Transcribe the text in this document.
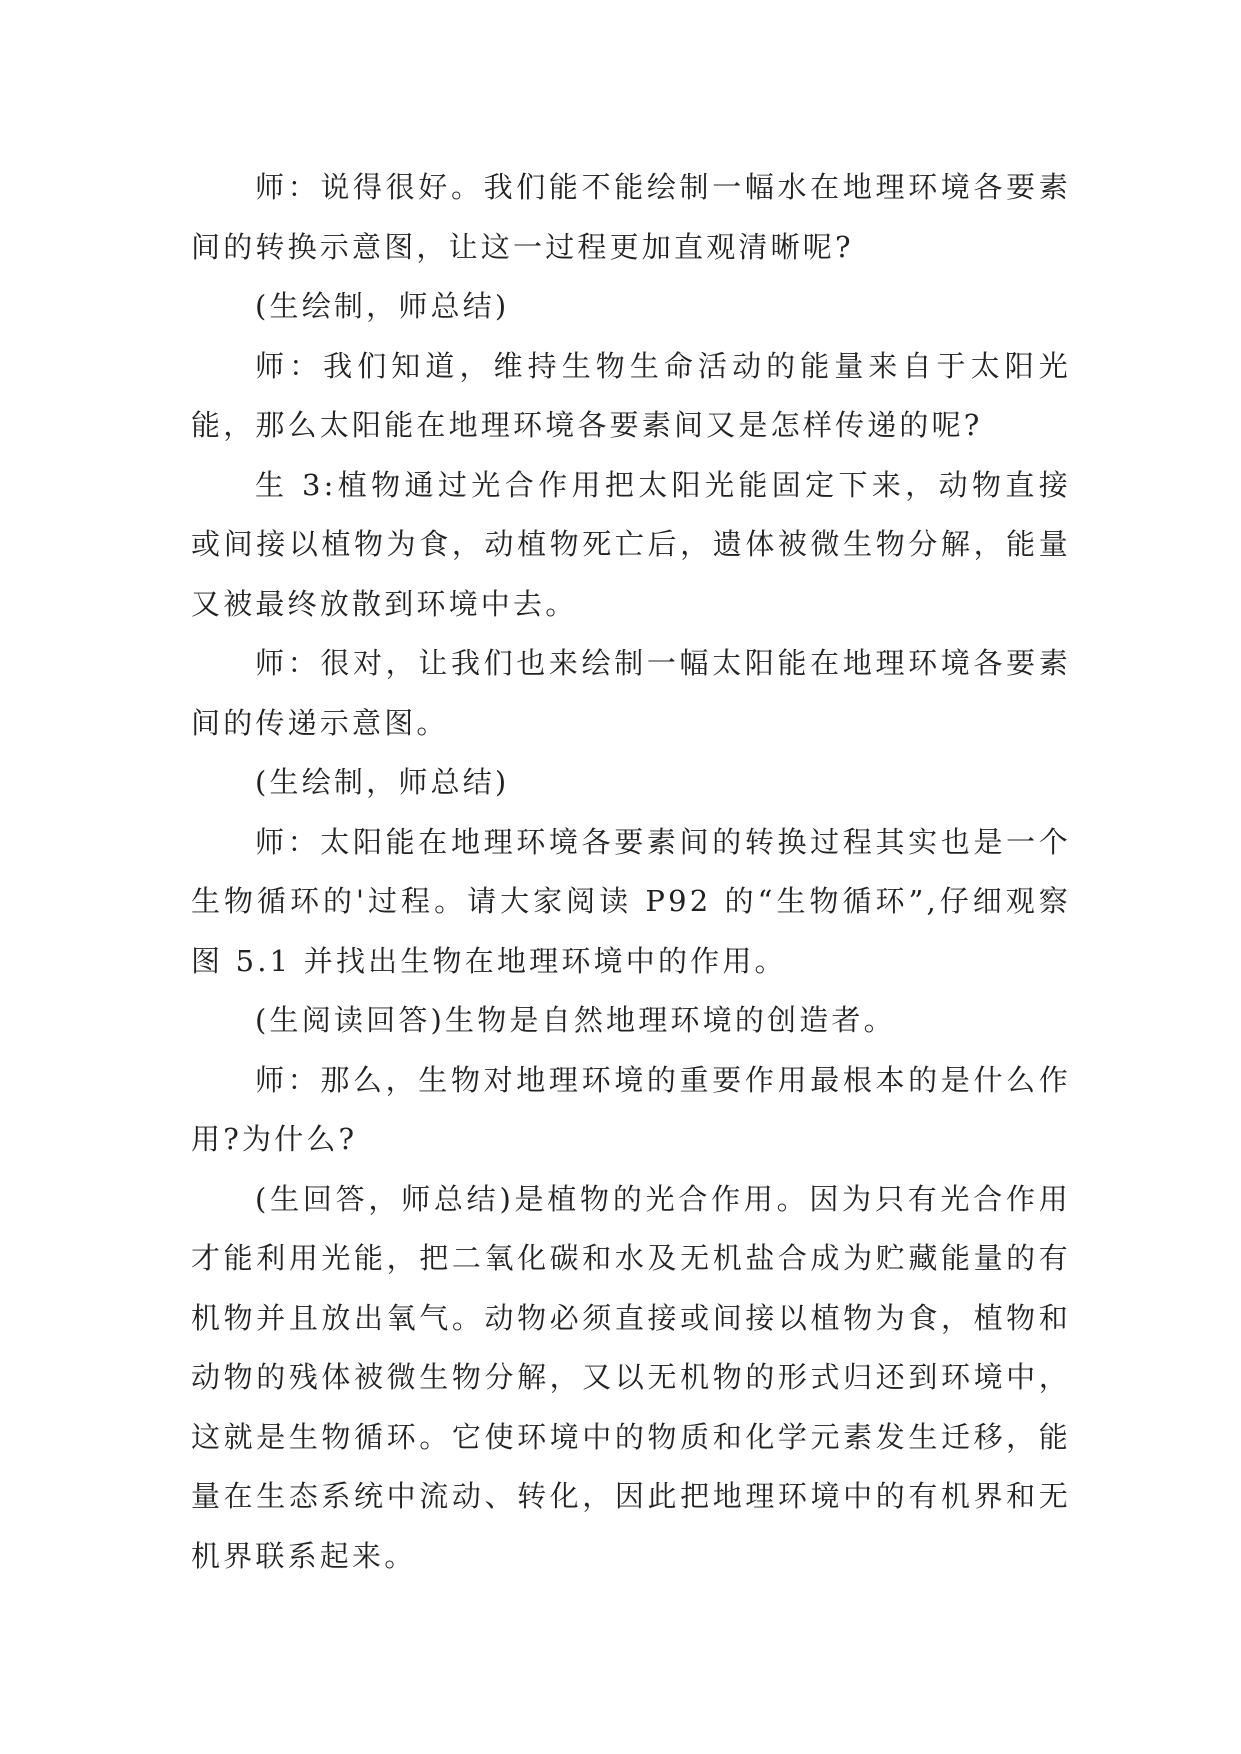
师：说得很好。我们能不能绘制一幅水在地理环境各要素间的转换示意图，让这一过程更加直观清晰呢?

(生绘制，师总结)

师：我们知道，维持生物生命活动的能量来自于太阳光能，那么太阳能在地理环境各要素间又是怎样传递的呢?

生 3:植物通过光合作用把太阳光能固定下来，动物直接或间接以植物为食，动植物死亡后，遗体被微生物分解，能量又被最终放散到环境中去。

师：很对，让我们也来绘制一幅太阳能在地理环境各要素间的传递示意图。

(生绘制，师总结)

师：太阳能在地理环境各要素间的转换过程其实也是一个生物循环的'过程。请大家阅读 P92 的“生物循环”,仔细观察图 5.1 并找出生物在地理环境中的作用。

(生阅读回答)生物是自然地理环境的创造者。

师：那么，生物对地理环境的重要作用最根本的是什么作用?为什么?

(生回答，师总结)是植物的光合作用。因为只有光合作用才能利用光能，把二氧化碳和水及无机盐合成为贮藏能量的有机物并且放出氧气。动物必须直接或间接以植物为食，植物和动物的残体被微生物分解，又以无机物的形式归还到环境中，这就是生物循环。它使环境中的物质和化学元素发生迁移，能量在生态系统中流动、转化，因此把地理环境中的有机界和无机界联系起来。
